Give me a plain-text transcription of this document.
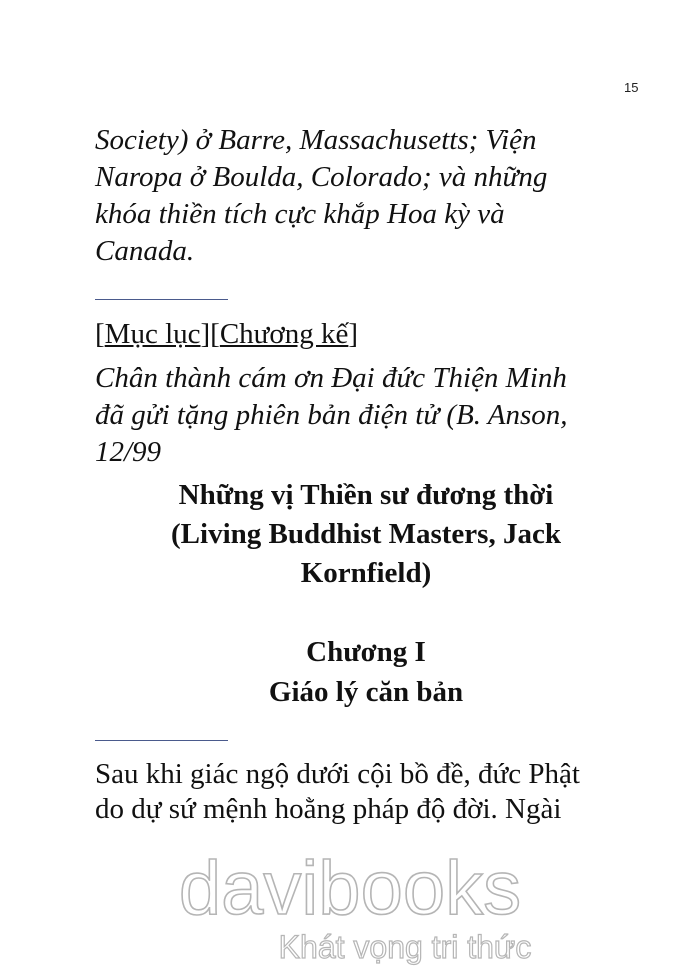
15
Society) ở Barre, Massachusetts; Viện
Naropa ở Boulda, Colorado; và những
khóa thiền tích cực khắp Hoa kỳ và
Canada.
[Mục lục][Chương kế]
Chân thành cám ơn Đại đức Thiện Minh
đã gửi tặng phiên bản điện tử (B. Anson,
12/99
Những vị Thiền sư đương thời
(Living Buddhist Masters, Jack
Kornfield)
Chương I
Giáo lý căn bản
Sau khi giác ngộ dưới cội bồ đề, đức Phật
do dự sứ mệnh hoằng pháp độ đời. Ngài
davibooks
Khát vọng tri thức
